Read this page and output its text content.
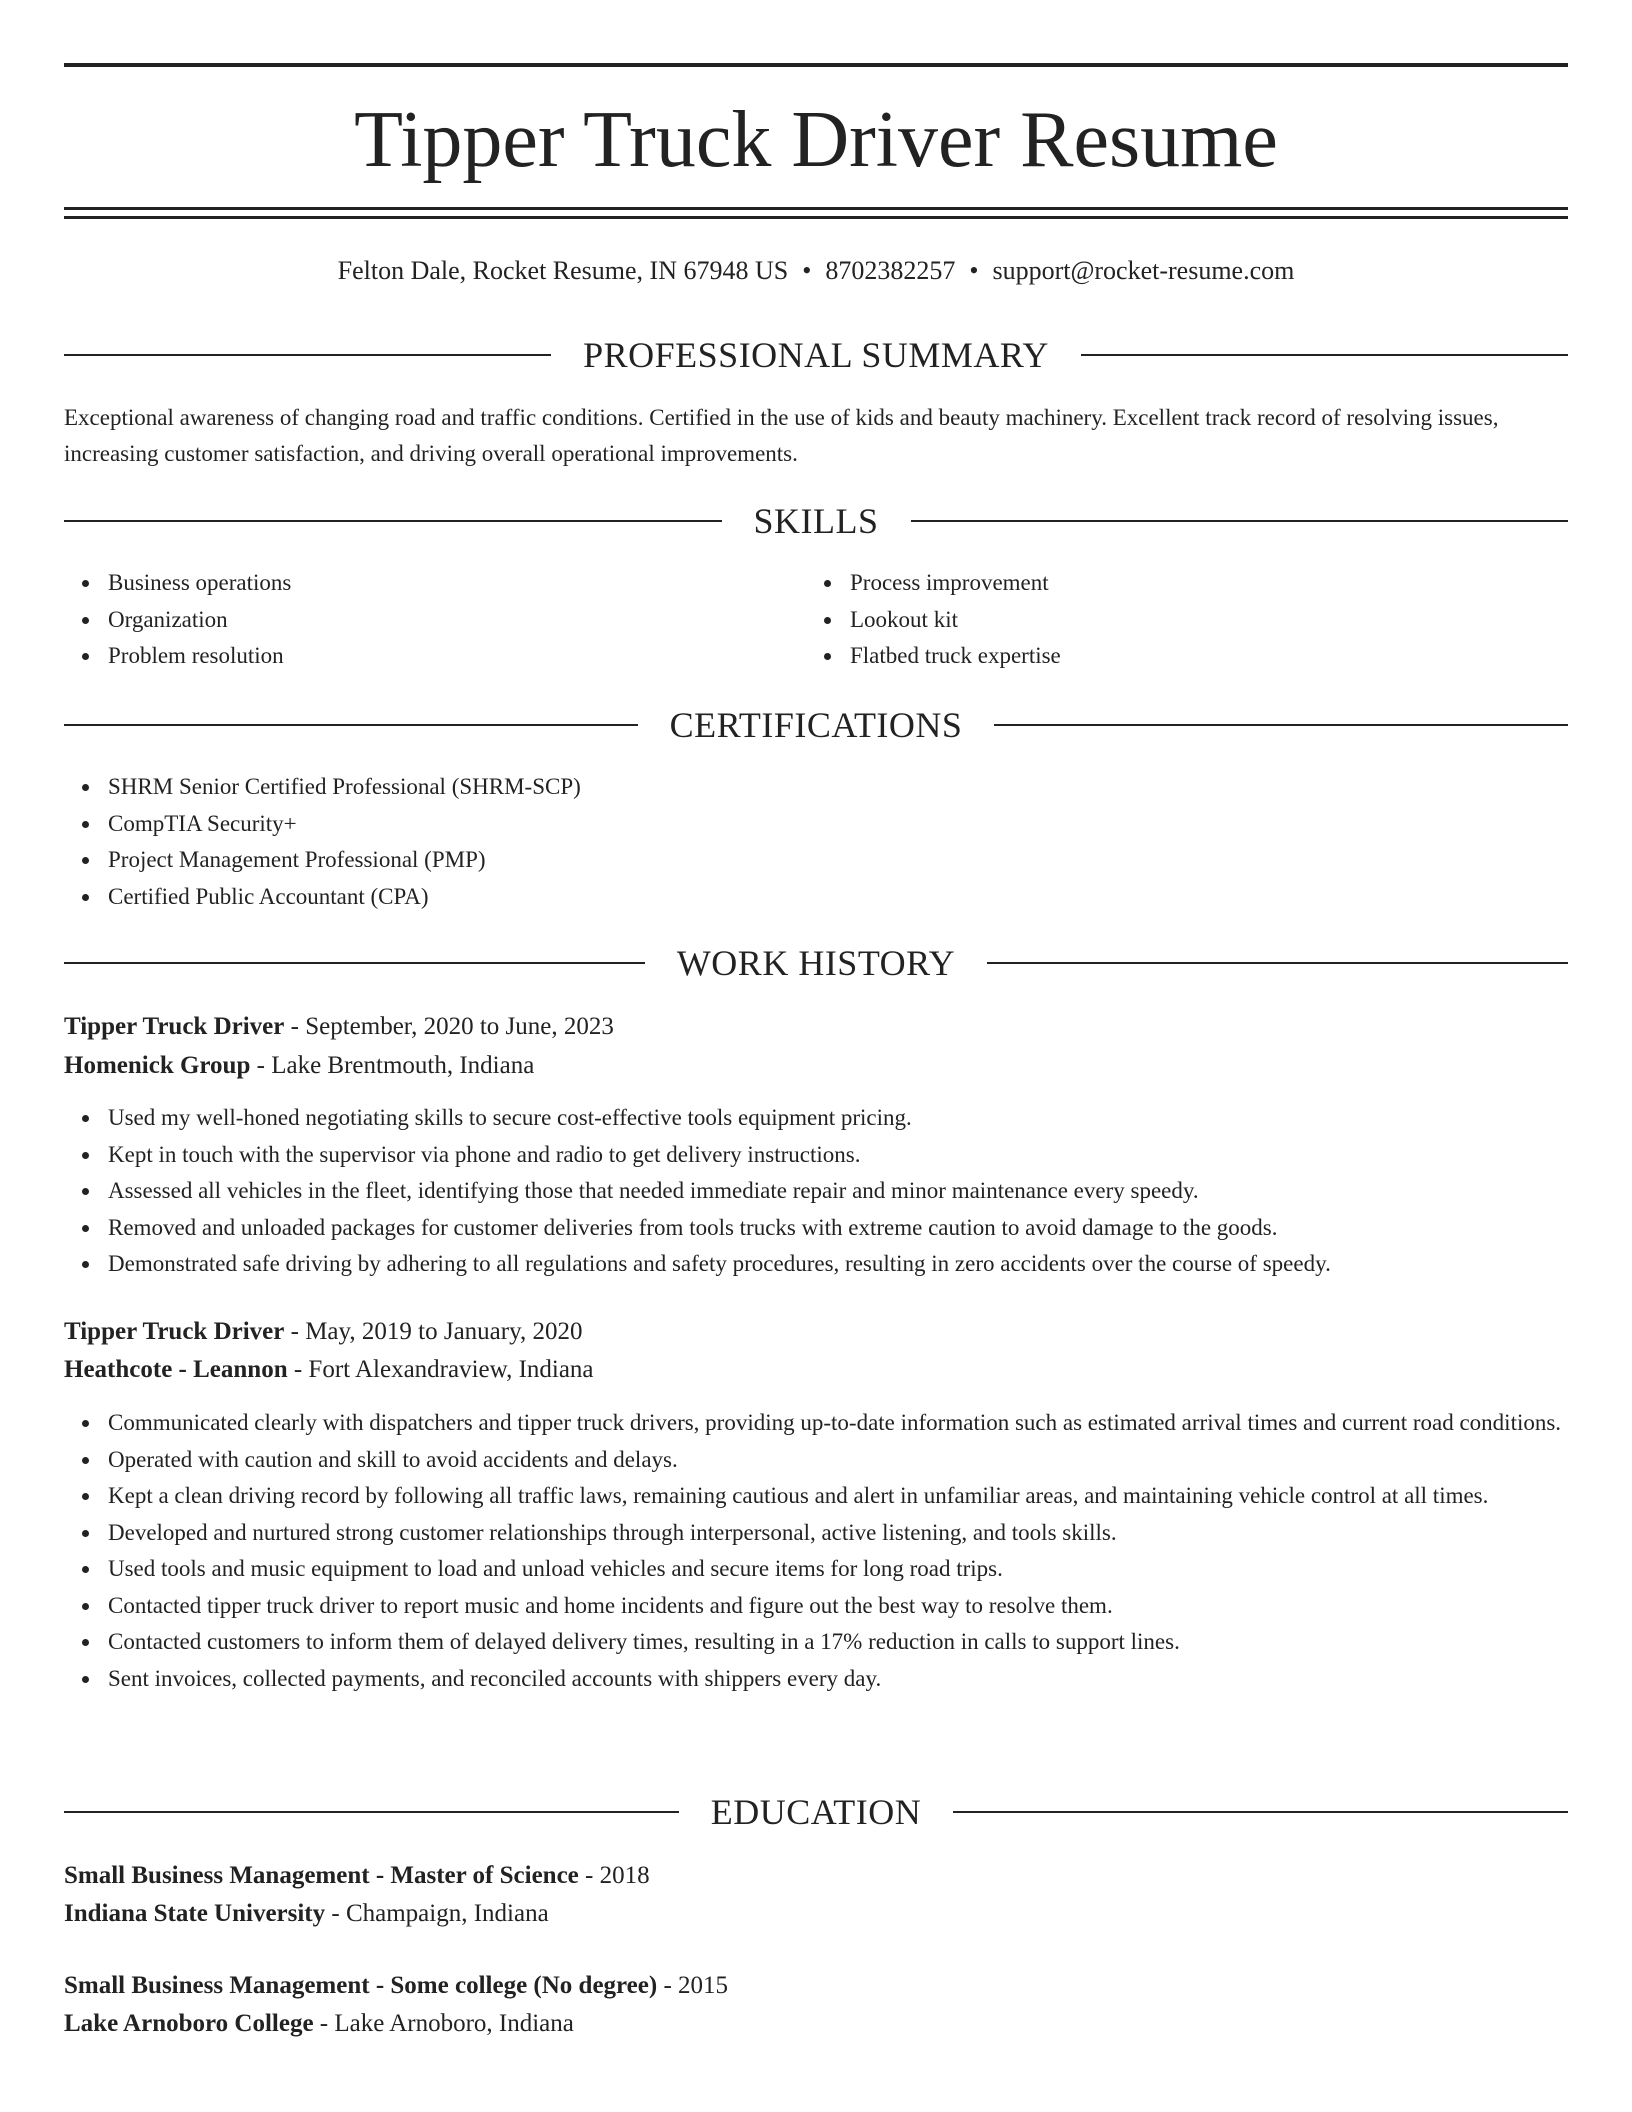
Tipper Truck Driver Resume
Felton Dale, Rocket Resume, IN 67948 US • 8702382257 • support@rocket-resume.com
PROFESSIONAL SUMMARY

Exceptional awareness of changing road and traffic conditions. Certified in the use of kids and beauty machinery. Excellent track record of resolving issues, increasing customer satisfaction, and driving overall operational improvements.

SKILLS
Business operations
Organization
Problem resolution
Process improvement
Lookout kit
Flatbed truck expertise
CERTIFICATIONS
SHRM Senior Certified Professional (SHRM-SCP)
CompTIA Security+
Project Management Professional (PMP)
Certified Public Accountant (CPA)
WORK HISTORY

Tipper Truck Driver - September, 2020 to June, 2023

Homenick Group - Lake Brentmouth, Indiana

Used my well-honed negotiating skills to secure cost-effective tools equipment pricing.
Kept in touch with the supervisor via phone and radio to get delivery instructions.
Assessed all vehicles in the fleet, identifying those that needed immediate repair and minor maintenance every speedy.
Removed and unloaded packages for customer deliveries from tools trucks with extreme caution to avoid damage to the goods.
Demonstrated safe driving by adhering to all regulations and safety procedures, resulting in zero accidents over the course of speedy.

Tipper Truck Driver - May, 2019 to January, 2020

Heathcote - Leannon - Fort Alexandraview, Indiana

Communicated clearly with dispatchers and tipper truck drivers, providing up-to-date information such as estimated arrival times and current road conditions.
Operated with caution and skill to avoid accidents and delays.
Kept a clean driving record by following all traffic laws, remaining cautious and alert in unfamiliar areas, and maintaining vehicle control at all times.
Developed and nurtured strong customer relationships through interpersonal, active listening, and tools skills.
Used tools and music equipment to load and unload vehicles and secure items for long road trips.
Contacted tipper truck driver to report music and home incidents and figure out the best way to resolve them.
Contacted customers to inform them of delayed delivery times, resulting in a 17% reduction in calls to support lines.
Sent invoices, collected payments, and reconciled accounts with shippers every day.
EDUCATION

Small Business Management - Master of Science - 2018

Indiana State University - Champaign, Indiana

Small Business Management - Some college (No degree) - 2015

Lake Arnoboro College - Lake Arnoboro, Indiana
